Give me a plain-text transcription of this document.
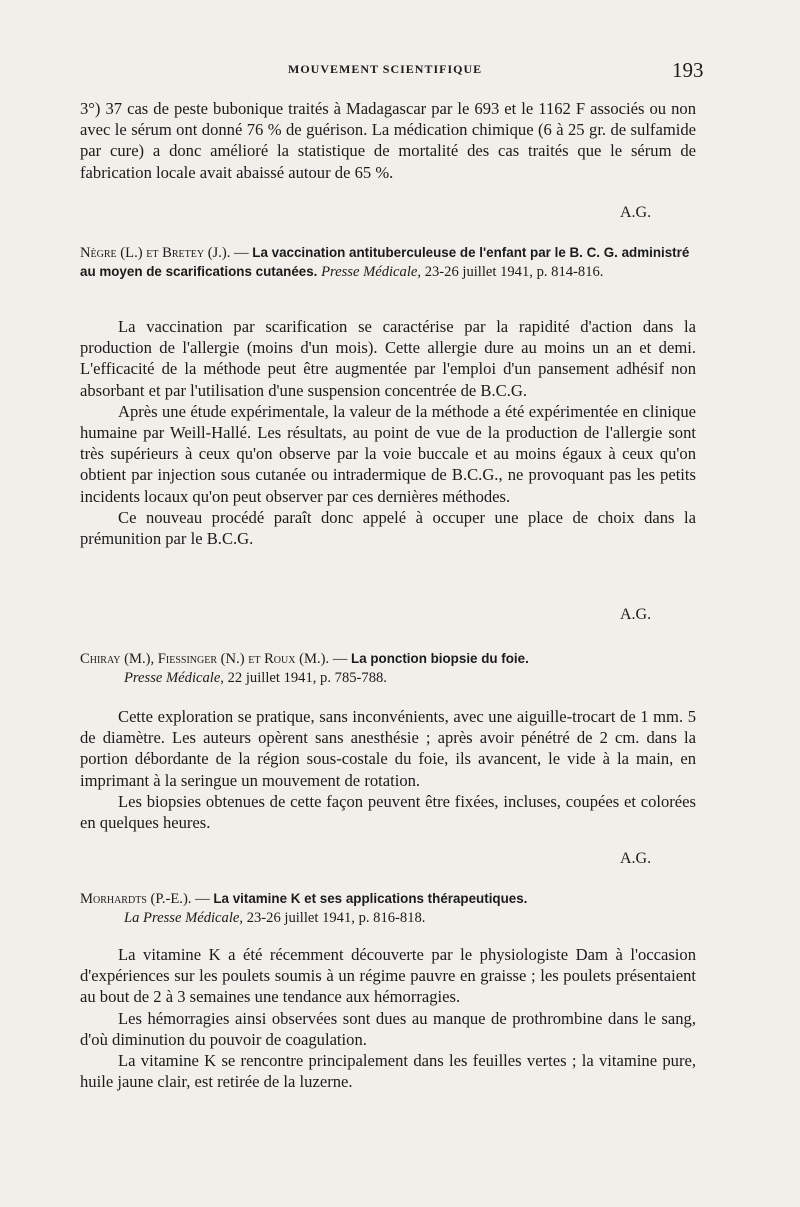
MOUVEMENT SCIENTIFIQUE	193

3°) 37 cas de peste bubonique traités à Madagascar par le 693 et le 1162 F associés ou non avec le sérum ont donné 76 % de guérison. La médication chimique (6 à 25 gr. de sulfamide par cure) a donc amélioré la statistique de mortalité des cas traités que le sérum de fabrication locale avait abaissé autour de 65 %.

A.G.

Nègre (L.) et Bretey (J.). — La vaccination antituberculeuse de l'enfant par le B. C. G. administré au moyen de scarifications cutanées. Presse Médicale, 23-26 juillet 1941, p. 814-816.

La vaccination par scarification se caractérise par la rapidité d'action dans la production de l'allergie (moins d'un mois). Cette allergie dure au moins un an et demi. L'efficacité de la méthode peut être augmentée par l'emploi d'un pansement adhésif non absorbant et par l'utilisation d'une suspension concentrée de B.C.G.

Après une étude expérimentale, la valeur de la méthode a été expérimentée en clinique humaine par Weill-Hallé. Les résultats, au point de vue de la production de l'allergie sont très supérieurs à ceux qu'on observe par la voie buccale et au moins égaux à ceux qu'on obtient par injection sous cutanée ou intradermique de B.C.G., ne provoquant pas les petits incidents locaux qu'on peut observer par ces dernières méthodes.

Ce nouveau procédé paraît donc appelé à occuper une place de choix dans la prémunition par le B.C.G.

A.G.

Chiray (M.), Fiessinger (N.) et Roux (M.). — La ponction biopsie du foie.
Presse Médicale, 22 juillet 1941, p. 785-788.

Cette exploration se pratique, sans inconvénients, avec une aiguille-trocart de 1 mm. 5 de diamètre. Les auteurs opèrent sans anesthésie ; après avoir pénétré de 2 cm. dans la portion débordante de la région sous-costale du foie, ils avancent, le vide à la main, en imprimant à la seringue un mouvement de rotation.

Les biopsies obtenues de cette façon peuvent être fixées, incluses, coupées et colorées en quelques heures.

A.G.

Morhardts (P.-E.). — La vitamine K et ses applications thérapeutiques.
La Presse Médicale, 23-26 juillet 1941, p. 816-818.

La vitamine K a été récemment découverte par le physiologiste Dam à l'occasion d'expériences sur les poulets soumis à un régime pauvre en graisse ; les poulets présentaient au bout de 2 à 3 semaines une tendance aux hémorragies.

Les hémorragies ainsi observées sont dues au manque de prothrombine dans le sang, d'où diminution du pouvoir de coagulation.

La vitamine K se rencontre principalement dans les feuilles vertes ; la vitamine pure, huile jaune clair, est retirée de la luzerne.
